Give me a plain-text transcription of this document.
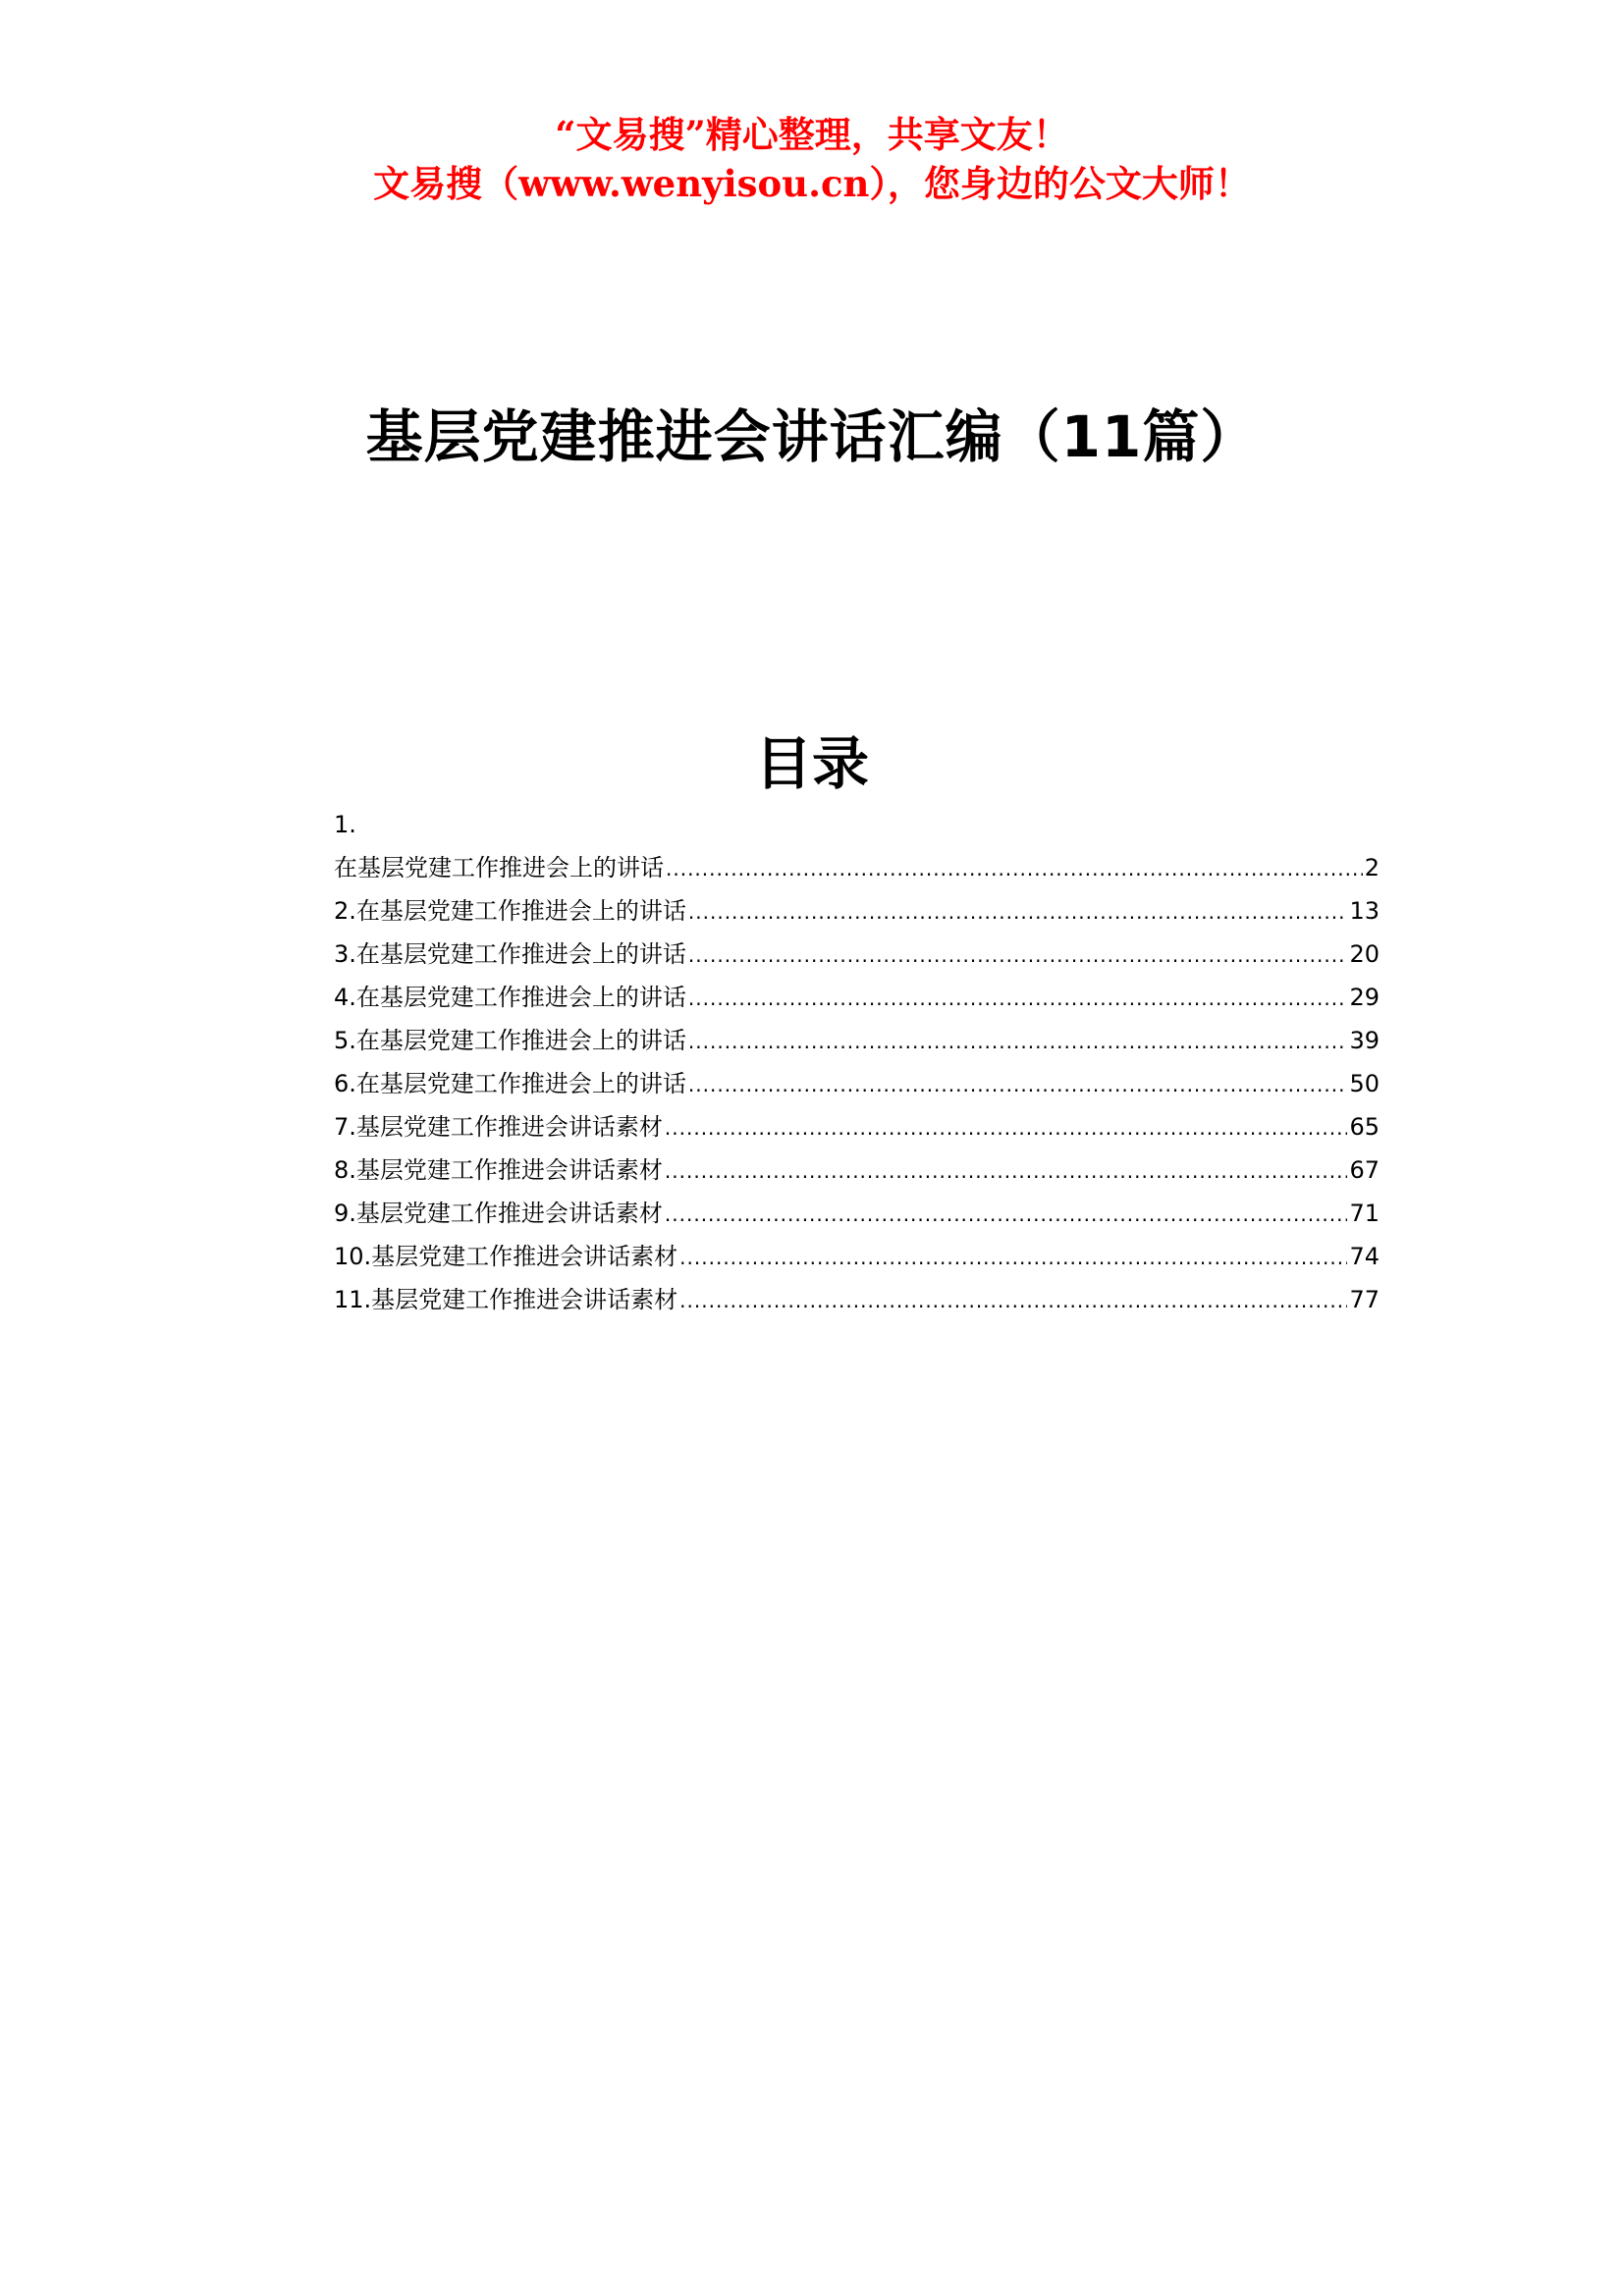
“文易搜”精心整理，共享文友！
文易搜（www.wenyisou.cn），您身边的公文大师！
基层党建推进会讲话汇编（11篇）
目录
1.
在基层党建工作推进会上的讲话 .....	2
2.在基层党建工作推进会上的讲话 .....	13
3.在基层党建工作推进会上的讲话 .....	20
4.在基层党建工作推进会上的讲话 .....	29
5.在基层党建工作推进会上的讲话 .....	39
6.在基层党建工作推进会上的讲话 .....	50
7.基层党建工作推进会讲话素材 .....	65
8.基层党建工作推进会讲话素材 .....	67
9.基层党建工作推进会讲话素材 .....	71
10.基层党建工作推进会讲话素材 .....	74
11.基层党建工作推进会讲话素材 .....	77
